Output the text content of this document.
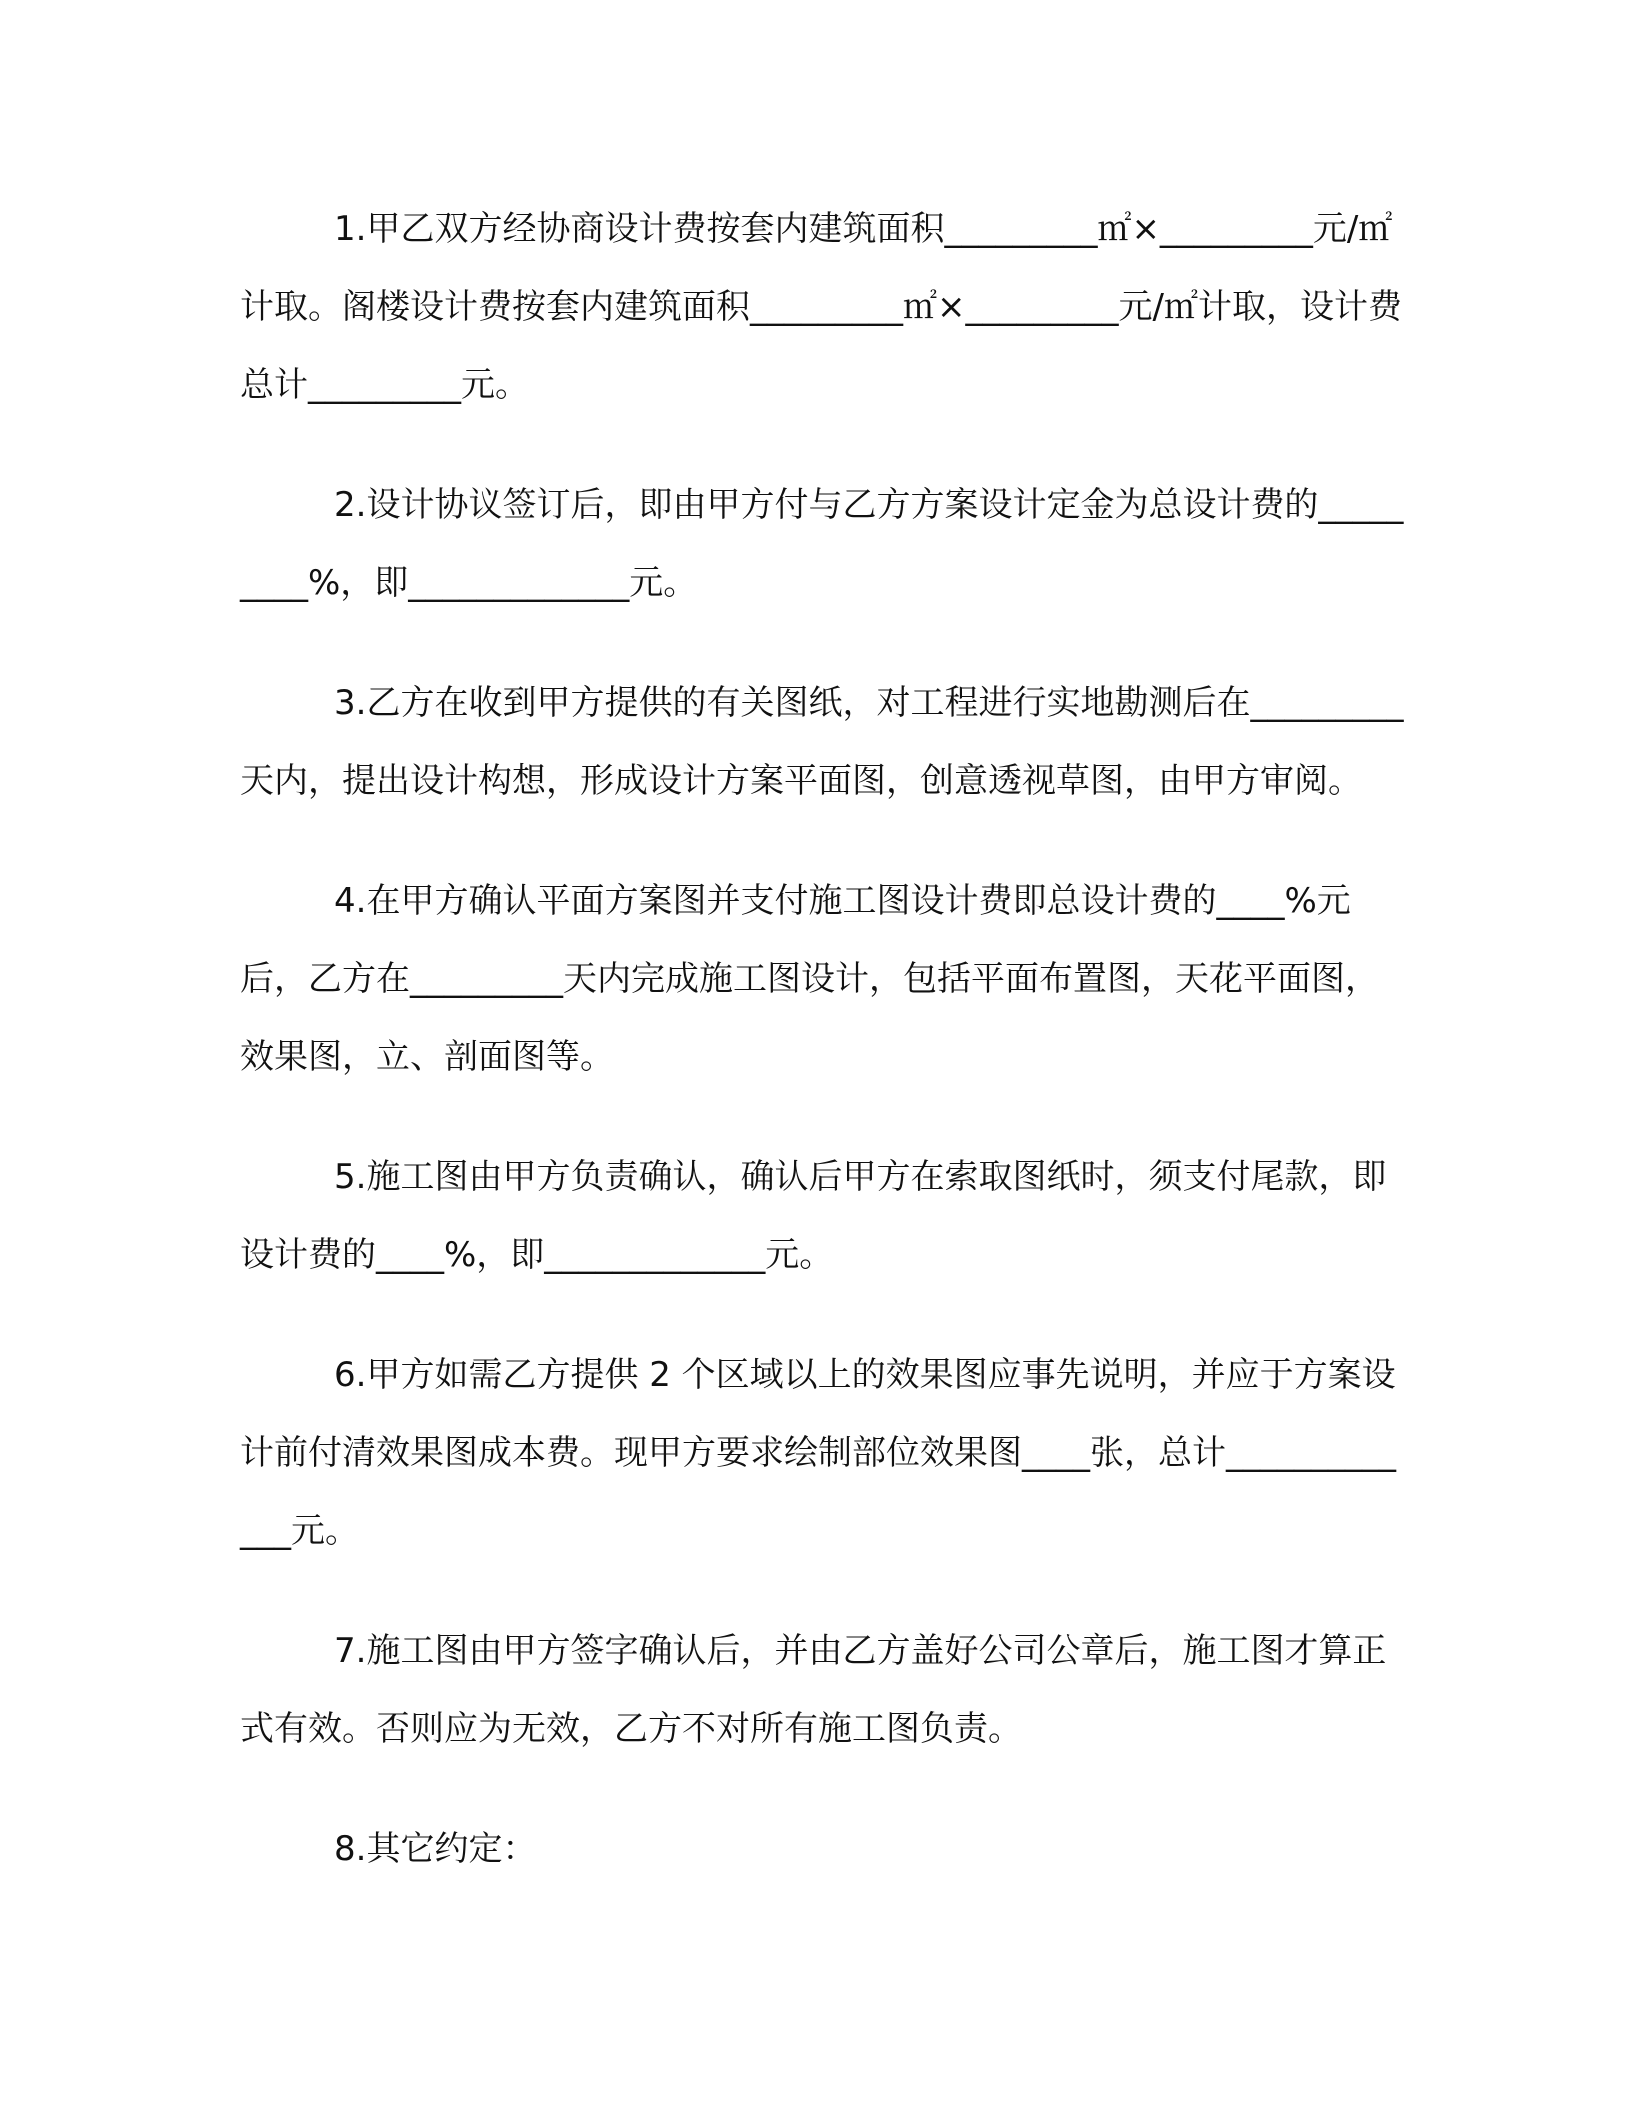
1.甲乙双方经协商设计费按套内建筑面积_________㎡×_________元/㎡计取。阁楼设计费按套内建筑面积_________㎡×_________元/㎡计取，设计费总计_________元。

2.设计协议签订后，即由甲方付与乙方方案设计定金为总设计费的_________%，即_____________元。

3.乙方在收到甲方提供的有关图纸，对工程进行实地勘测后在_________天内，提出设计构想，形成设计方案平面图，创意透视草图，由甲方审阅。

4.在甲方确认平面方案图并支付施工图设计费即总设计费的____%元后，乙方在_________天内完成施工图设计，包括平面布置图，天花平面图，效果图，立、剖面图等。

5.施工图由甲方负责确认，确认后甲方在索取图纸时，须支付尾款，即设计费的____%，即_____________元。

6.甲方如需乙方提供 2 个区域以上的效果图应事先说明，并应于方案设计前付清效果图成本费。现甲方要求绘制部位效果图____张，总计_____________元。

7.施工图由甲方签字确认后，并由乙方盖好公司公章后，施工图才算正式有效。否则应为无效，乙方不对所有施工图负责。

8.其它约定：
